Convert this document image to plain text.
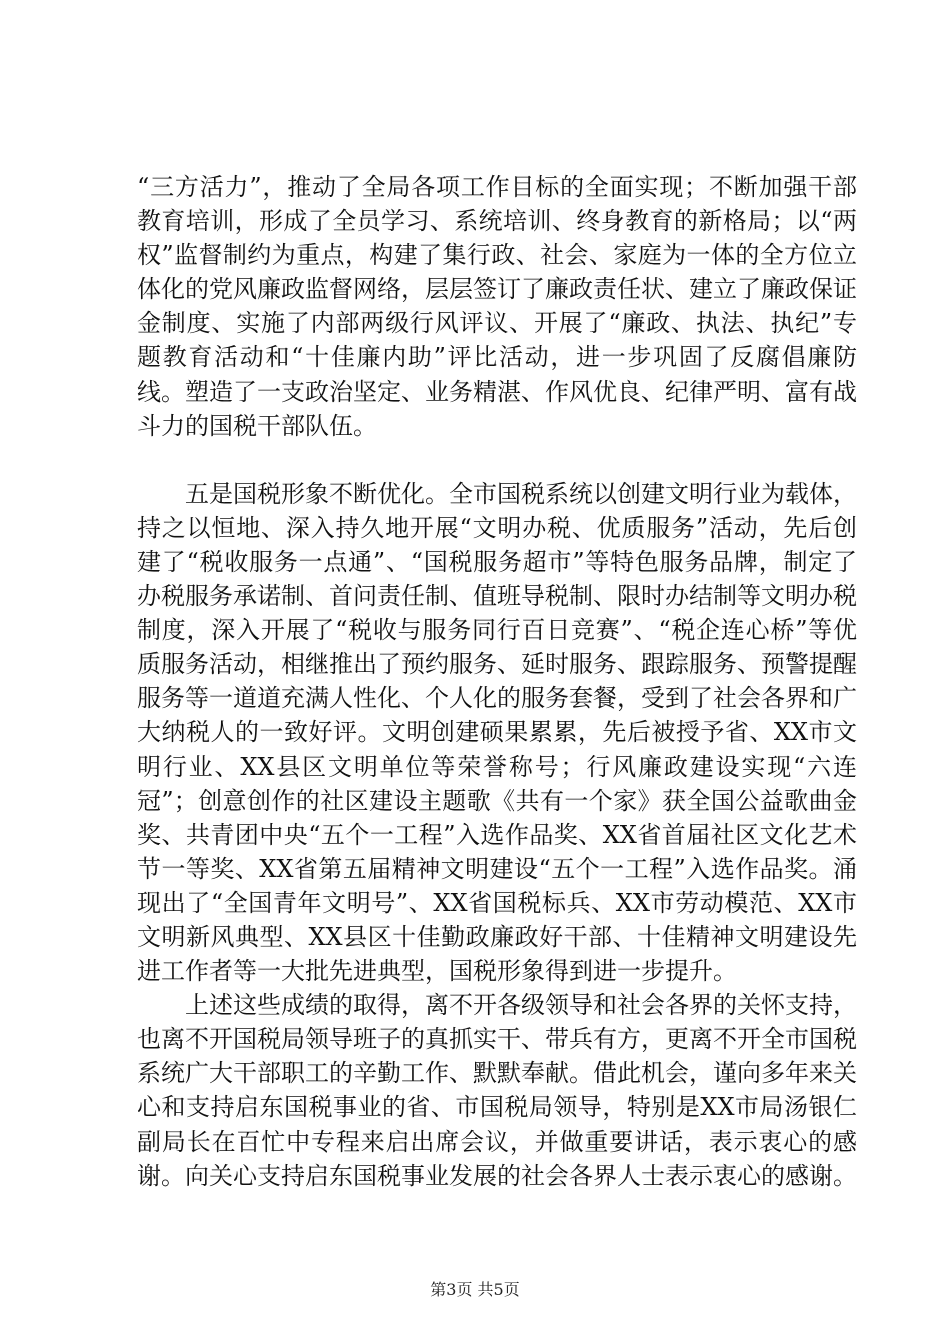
“三方活力”，推动了全局各项工作目标的全面实现；不断加强干部教育培训，形成了全员学习、系统培训、终身教育的新格局；以“两权”监督制约为重点，构建了集行政、社会、家庭为一体的全方位立体化的党风廉政监督网络，层层签订了廉政责任状、建立了廉政保证金制度、实施了内部两级行风评议、开展了“廉政、执法、执纪”专题教育活动和“十佳廉内助”评比活动，进一步巩固了反腐倡廉防线。塑造了一支政治坚定、业务精湛、作风优良、纪律严明、富有战斗力的国税干部队伍。

五是国税形象不断优化。全市国税系统以创建文明行业为载体，持之以恒地、深入持久地开展“文明办税、优质服务”活动，先后创建了“税收服务一点通”、“国税服务超市”等特色服务品牌，制定了办税服务承诺制、首问责任制、值班导税制、限时办结制等文明办税制度，深入开展了“税收与服务同行百日竞赛”、“税企连心桥”等优质服务活动，相继推出了预约服务、延时服务、跟踪服务、预警提醒服务等一道道充满人性化、个人化的服务套餐，受到了社会各界和广大纳税人的一致好评。文明创建硕果累累，先后被授予省、XX市文明行业、XX县区文明单位等荣誉称号；行风廉政建设实现“六连冠”；创意创作的社区建设主题歌《共有一个家》获全国公益歌曲金奖、共青团中央“五个一工程”入选作品奖、XX省首届社区文化艺术节一等奖、XX省第五届精神文明建设“五个一工程”入选作品奖。涌现出了“全国青年文明号”、XX省国税标兵、XX市劳动模范、XX市文明新风典型、XX县区十佳勤政廉政好干部、十佳精神文明建设先进工作者等一大批先进典型，国税形象得到进一步提升。

上述这些成绩的取得，离不开各级领导和社会各界的关怀支持，也离不开国税局领导班子的真抓实干、带兵有方，更离不开全市国税系统广大干部职工的辛勤工作、默默奉献。借此机会，谨向多年来关心和支持启东国税事业的省、市国税局领导，特别是XX市局汤银仁副局长在百忙中专程来启出席会议，并做重要讲话，表示衷心的感谢。向关心支持启东国税事业发展的社会各界人士表示衷心的感谢。

第3页 共5页
